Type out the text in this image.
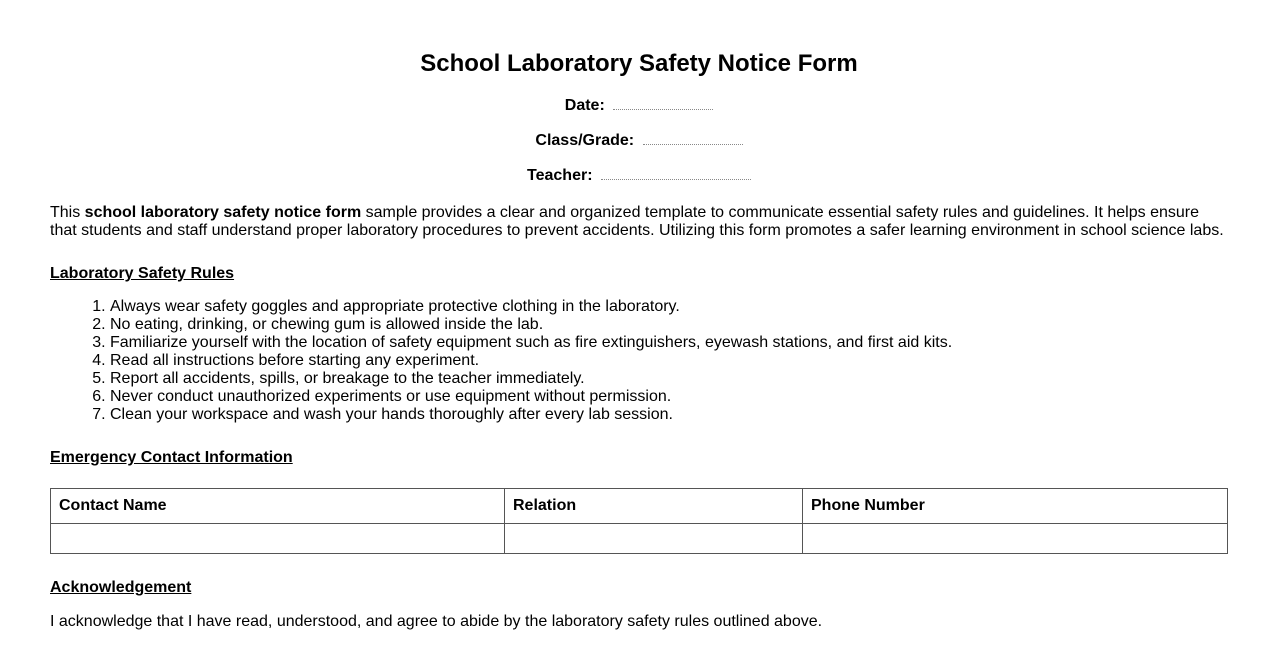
School Laboratory Safety Notice Form
Date:
Class/Grade:
Teacher:

This school laboratory safety notice form sample provides a clear and organized template to communicate essential safety rules and guidelines. It helps ensure that students and staff understand proper laboratory procedures to prevent accidents. Utilizing this form promotes a safer learning environment in school science labs.

Laboratory Safety Rules
1. Always wear safety goggles and appropriate protective clothing in the laboratory.
2. No eating, drinking, or chewing gum is allowed inside the lab.
3. Familiarize yourself with the location of safety equipment such as fire extinguishers, eyewash stations, and first aid kits.
4. Read all instructions before starting any experiment.
5. Report all accidents, spills, or breakage to the teacher immediately.
6. Never conduct unauthorized experiments or use equipment without permission.
7. Clean your workspace and wash your hands thoroughly after every lab session.
Emergency Contact Information
Contact Name	Relation	Phone Number

Acknowledgement

I acknowledge that I have read, understood, and agree to abide by the laboratory safety rules outlined above.
